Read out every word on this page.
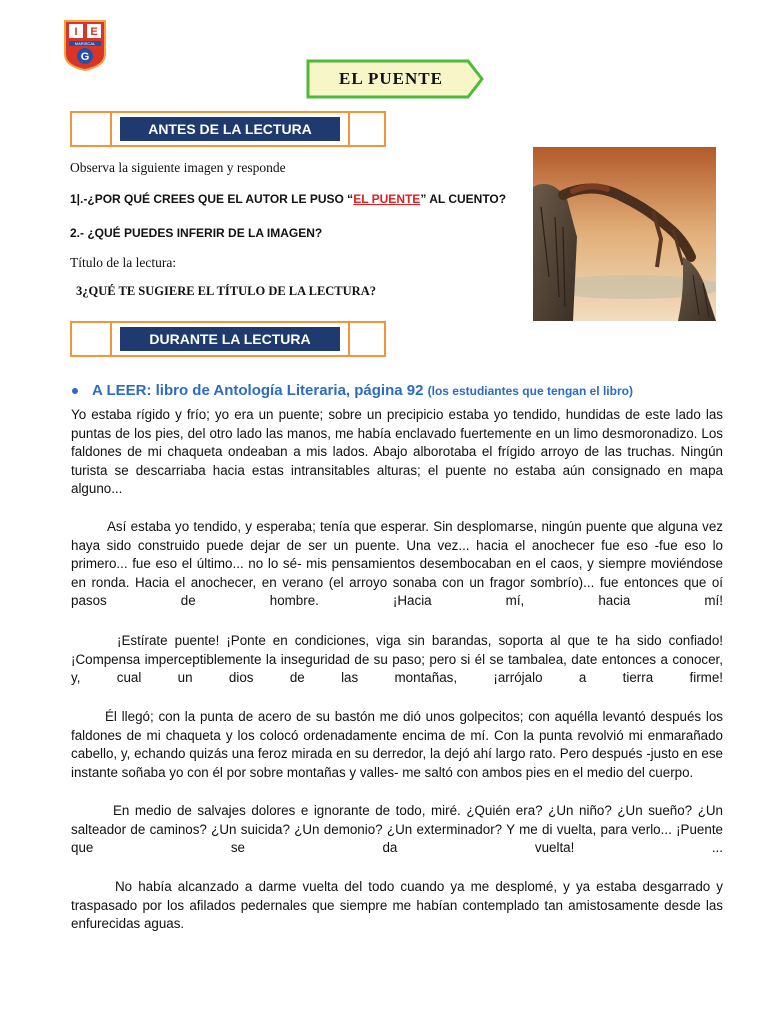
I E
MARISCAL
G
EL PUENTE
ANTES DE LA LECTURA
Observa la siguiente imagen y responde
1|.-¿POR QUÉ CREES QUE EL AUTOR LE PUSO “EL PUENTE” AL CUENTO?
2.- ¿QUÉ PUEDES INFERIR DE LA IMAGEN?
Título de la lectura:
3¿QUÉ TE SUGIERE EL TÍTULO DE LA LECTURA?
DURANTE LA LECTURA
A LEER: libro de Antología Literaria, página 92 (los estudiantes que tengan el libro)
Yo estaba rígido y frío; yo era un puente; sobre un precipicio estaba yo tendido, hundidas de este lado las puntas de los pies, del otro lado las manos, me había enclavado fuertemente en un limo desmoronadizo. Los faldones de mi chaqueta ondeaban a mis lados. Abajo alborotaba el frígido arroyo de las truchas. Ningún turista se descarriaba hacia estas intransitables alturas; el puente no estaba aún consignado en mapa alguno...
Así estaba yo tendido, y esperaba; tenía que esperar. Sin desplomarse, ningún puente que alguna vez haya sido construido puede dejar de ser un puente. Una vez... hacia el anochecer fue eso -fue eso lo primero... fue eso el último... no lo sé- mis pensamientos desembocaban en el caos, y siempre moviéndose en ronda. Hacia el anochecer, en verano (el arroyo sonaba con un fragor sombrío)... fue entonces que oí pasos de hombre. ¡Hacia mí, hacia mí!
¡Estírate puente! ¡Ponte en condiciones, viga sin barandas, soporta al que te ha sido confiado! ¡Compensa imperceptiblemente la inseguridad de su paso; pero si él se tambalea, date entonces a conocer, y, cual un dios de las montañas, ¡arrójalo a tierra firme!
Él llegó; con la punta de acero de su bastón me dió unos golpecitos; con aquélla levantó después los faldones de mi chaqueta y los colocó ordenadamente encima de mí. Con la punta revolvió mi enmarañado cabello, y, echando quizás una feroz mirada en su derredor, la dejó ahí largo rato. Pero después -justo en ese instante soñaba yo con él por sobre montañas y valles- me saltó con ambos pies en el medio del cuerpo.
En medio de salvajes dolores e ignorante de todo, miré. ¿Quién era? ¿Un niño? ¿Un sueño? ¿Un salteador de caminos? ¿Un suicida? ¿Un demonio? ¿Un exterminador? Y me di vuelta, para verlo... ¡Puente que se da vuelta! ...
No había alcanzado a darme vuelta del todo cuando ya me desplomé, y ya estaba desgarrado y traspasado por los afilados pedernales que siempre me habían contemplado tan amistosamente desde las enfurecidas aguas.
